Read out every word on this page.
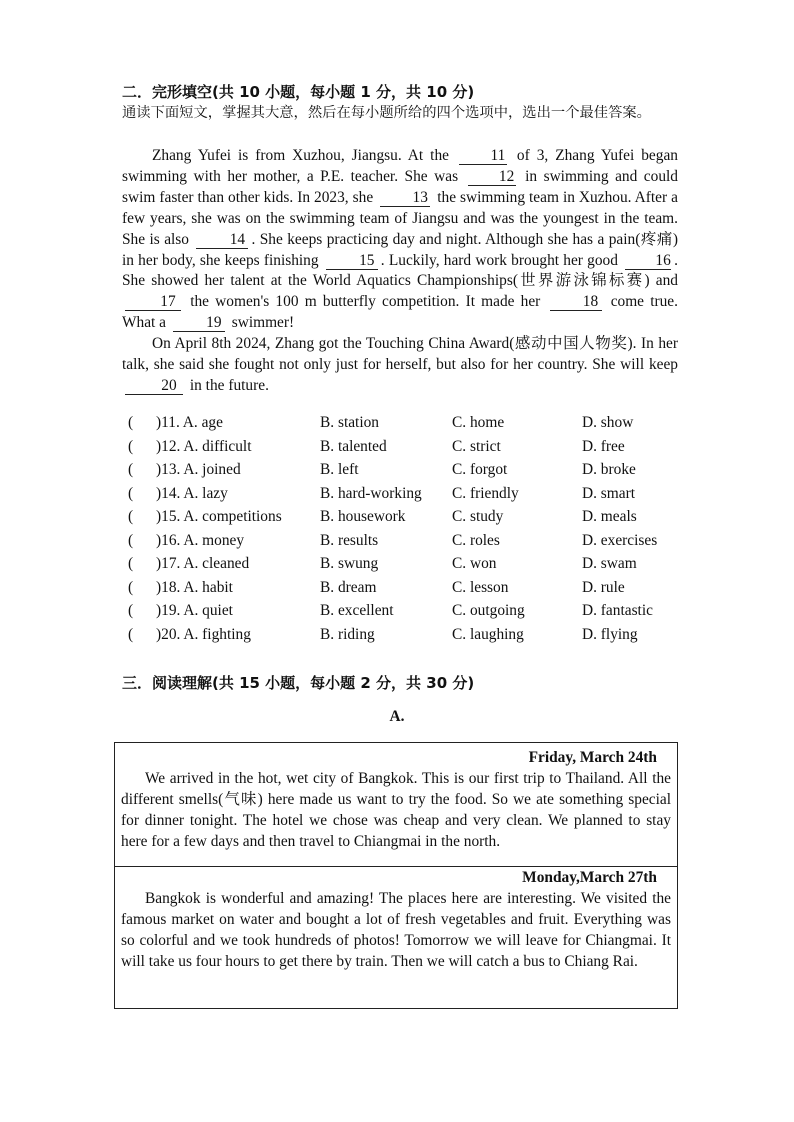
二．完形填空(共 10 小题，每小题 1 分，共 10 分)
通读下面短文，掌握其大意，然后在每小题所给的四个选项中，选出一个最佳答案。

Zhang Yufei is from Xuzhou, Jiangsu. At the	11 of 3, Zhang Yufei began swimming with her mother, a P.E. teacher. She was	12 in swimming and could swim faster than other kids. In 2023, she	13 the swimming team in Xuzhou. After a few years, she was on the swimming team of Jiangsu and was the youngest in the team. She is also	14 . She keeps practicing day and night. Although she has a pain(疼痛) in her body, she keeps finishing	15 . Luckily, hard work brought her good 16 . She showed her talent at the World Aquatics Championships(世界游泳锦标赛) and 17 the women's 100 m butterfly competition. It made her	18 come true. What a	19 swimmer!

On April 8th 2024, Zhang got the Touching China Award(感动中国人物奖). In her talk, she said she fought not only just for herself, but also for her country. She will keep 20 in the future.

( )11. A. age	B. station	C. home	D. show
( )12. A. difficult	B. talented	C. strict	D. free
( )13. A. joined	B. left	C. forgot	D. broke
( )14. A. lazy	B. hard-working C. friendly	D. smart
( )15. A. competitions B. housework	C. study	D. meals
( )16. A. money	B. results	C. roles	D. exercises
( )17. A. cleaned	B. swung	C. won	D. swam
( )18. A. habit	B. dream	C. lesson	D. rule
( )19. A. quiet	B. excellent	C. outgoing	D. fantastic
( )20. A. fighting	B. riding	C. laughing	D. flying
三．阅读理解(共 15 小题，每小题 2 分，共 30 分)
A.
Friday, March 24th

We arrived in the hot, wet city of Bangkok. This is our first trip to Thailand. All the different smells(气味) here made us want to try the food. So we ate something special for dinner tonight. The hotel we chose was cheap and very clean. We planned to stay here for a few days and then travel to Chiangmai in the north.

Monday,March 27th

Bangkok is wonderful and amazing! The places here are interesting. We visited the famous market on water and bought a lot of fresh vegetables and fruit. Everything was so colorful and we took hundreds of photos! Tomorrow we will leave for Chiangmai. It will take us four hours to get there by train. Then we will catch a bus to Chiang Rai.
